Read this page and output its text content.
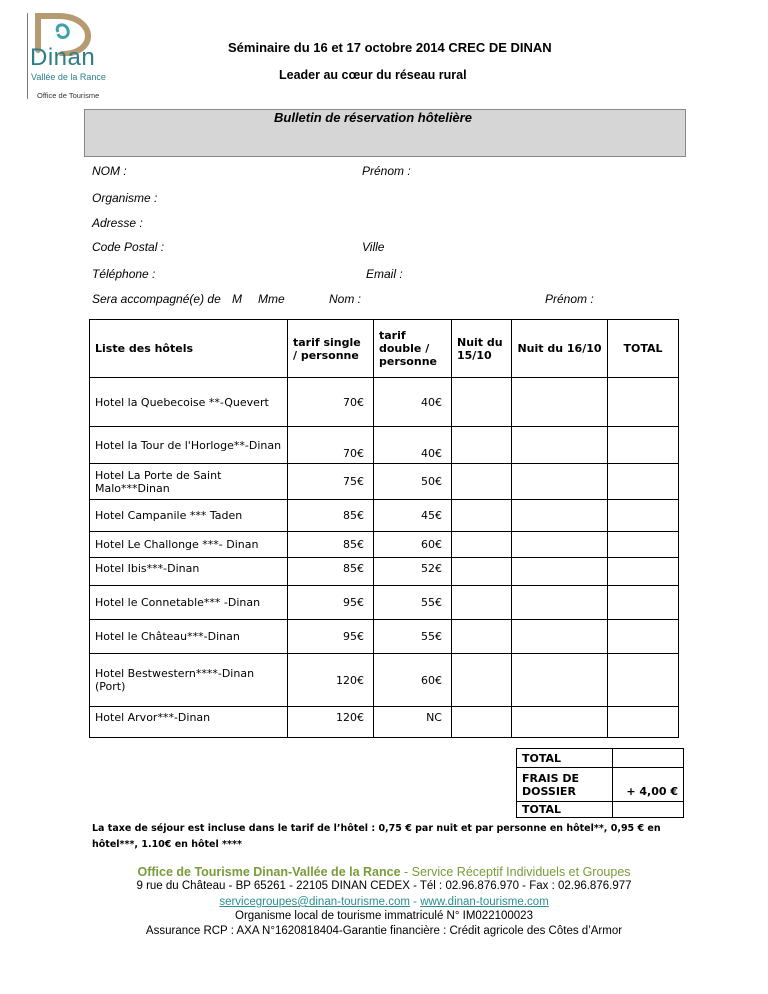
Dinan
Vallée de la Rance
Office de Tourisme
Séminaire du 16 et 17 octobre 2014 CREC DE DINAN
Leader au cœur du réseau rural
Bulletin de réservation hôtelière
NOM :	Prénom :
Organisme :
Adresse :
Code Postal :	Ville
Téléphone :	Email :
Sera accompagné(e) de M Mme	Nom :	Prénom :
Liste des hôtels	tarif single / personne	tarif double / personne	Nuit du 15/10	Nuit du 16/10	TOTAL
Hotel la Quebecoise **-Quevert	70€	40€			
Hotel la Tour de l'Horloge**-Dinan	70€	40€			
Hotel La Porte de Saint Malo***Dinan	75€	50€			
Hotel Campanile *** Taden	85€	45€			
Hotel Le Challonge ***- Dinan	85€	60€			
Hotel Ibis***-Dinan	85€	52€			
Hotel le Connetable*** -Dinan	95€	55€			
Hotel le Château***-Dinan	95€	55€			
Hotel Bestwestern****-Dinan (Port)	120€	60€			
Hotel Arvor***-Dinan	120€	NC			
TOTAL	
FRAIS DE DOSSIER	+ 4,00 €
TOTAL	
La taxe de séjour est incluse dans le tarif de l’hôtel : 0,75 € par nuit et par personne en hôtel**, 0,95 € en hôtel***, 1.10€ en hôtel ****
Office de Tourisme Dinan-Vallée de la Rance - Service Réceptif Individuels et Groupes
9 rue du Château - BP 65261 - 22105 DINAN CEDEX - Tél : 02.96.876.970 - Fax : 02.96.876.977
servicegroupes@dinan-tourisme.com - www.dinan-tourisme.com
Organisme local de tourisme immatriculé N° IM022100023
Assurance RCP : AXA N°1620818404-Garantie financière : Crédit agricole des Côtes d’Armor
